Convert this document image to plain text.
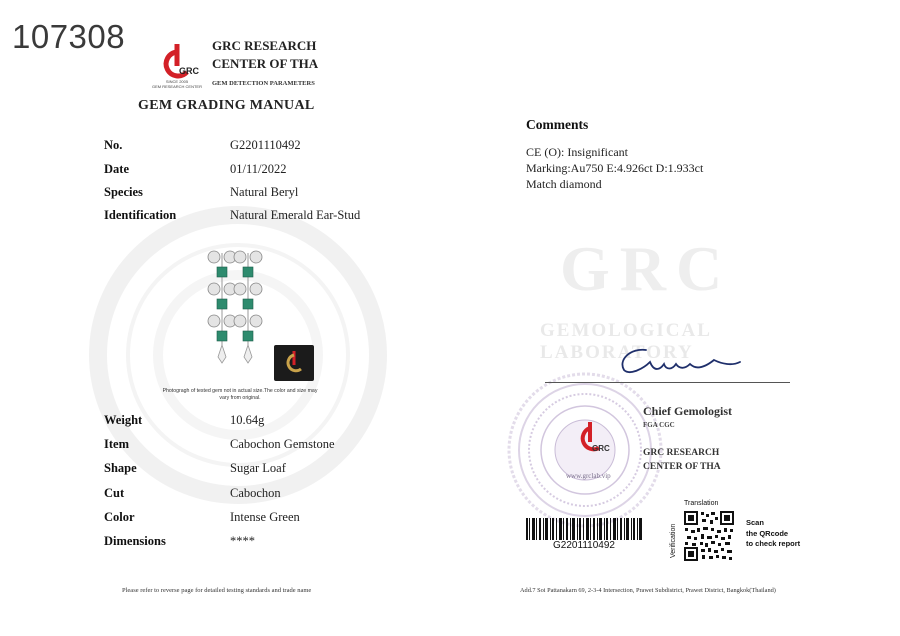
GRC
GEMOLOGICAL LABORATORY
107308
GRC
SINCE 2005
GEM RESEARCH CENTER
GRC RESEARCH
CENTER OF THA
GEM DETECTION PARAMETERS
GEM GRADING MANUAL
No.	G2201110492
Date	01/11/2022
Species	Natural Beryl
Identification	Natural Emerald Ear-Stud
Photogragh of tested gem not in actual size.The color and size may vary from original.
Weight	10.64g
Item	Cabochon Gemstone
Shape	Sugar Loaf
Cut	Cabochon
Color	Intense Green
Dimensions	****
Comments
CE (O): Insignificant
Marking:Au750 E:4.926ct D:1.933ct
Match diamond
Chief Gemologist
FGA CGC
GRC RESEARCH
CENTER OF THA
GRC
www.grclab.vip
G2201110492
Translation
Verification
Scan
the QRcode
to check report
Please refer to reverse page for detailed testing standards and trade name	Add.7 Soi Pattanakarn 69, 2-3-4 Intersection, Prawet Subdistrict, Prawet District, Bangkok(Thailand)
